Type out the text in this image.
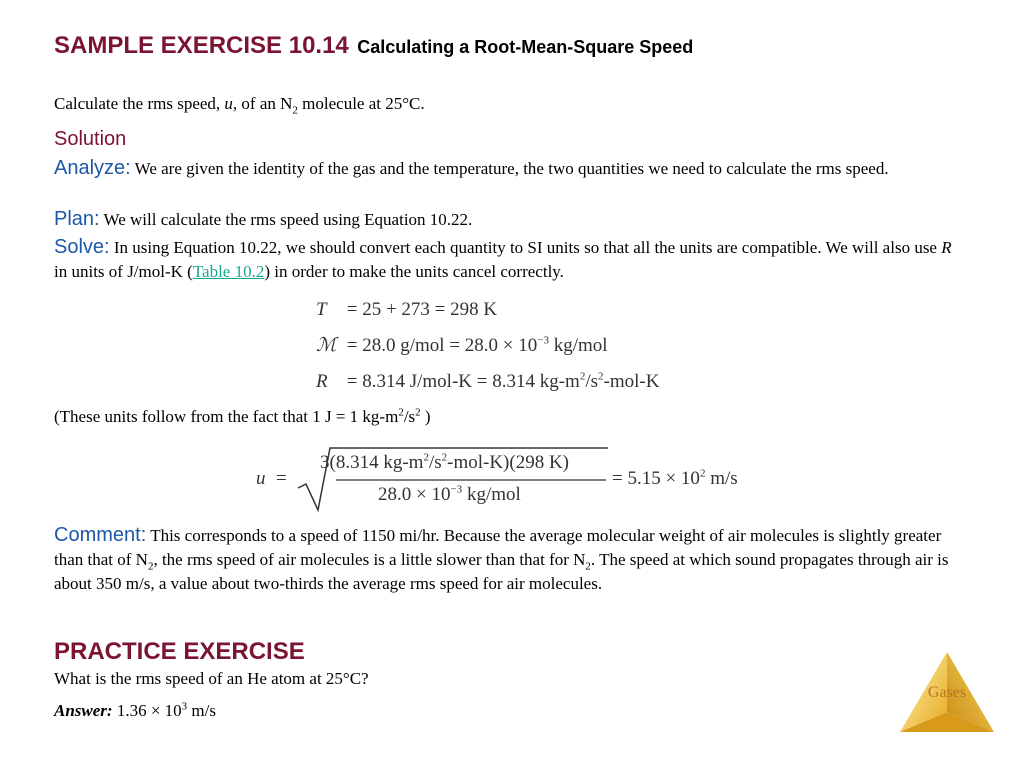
SAMPLE EXERCISE 10.14 Calculating a Root-Mean-Square Speed
Calculate the rms speed, u, of an $N_2$ molecule at 25°C.
Solution
Analyze: We are given the identity of the gas and the temperature, the two quantities we need to calculate the rms speed.
Plan: We will calculate the rms speed using Equation 10.22.
Solve: In using Equation 10.22, we should convert each quantity to SI units so that all the units are compatible. We will also use R in units of J/mol-K (Table 10.2) in order to make the units cancel correctly.
T = 25 + 273 = 298 K
ℳ = 28.0 $g/mol = 28.0 \times 10^{-3}$ kg/mol
R = 8.314 J/mol-K = 8.314 $kg-m^2/s^2-mol-K$
(These units follow from the fact that 1 J = 1 $kg-m^2/s^2$ )
u =
3(8.314 $kg-m^2/s^2-mol-K)(298$ K)
$28.0 \times 10^{-3}$ kg/mol
= $5.15 \times 10^2$ m/s
Comment: This corresponds to a speed of 1150 mi/hr. Because the average molecular weight of air molecules is slightly greater than that of $N_2$, the rms speed of air molecules is a little slower than that for $N_2$. The speed at which sound propagates through air is about 350 m/s, a value about two-thirds the average rms speed for air molecules.
PRACTICE EXERCISE
What is the rms speed of an He atom at 25°C?
Answer: $1.36 \times 10^3$ m/s
Gases
